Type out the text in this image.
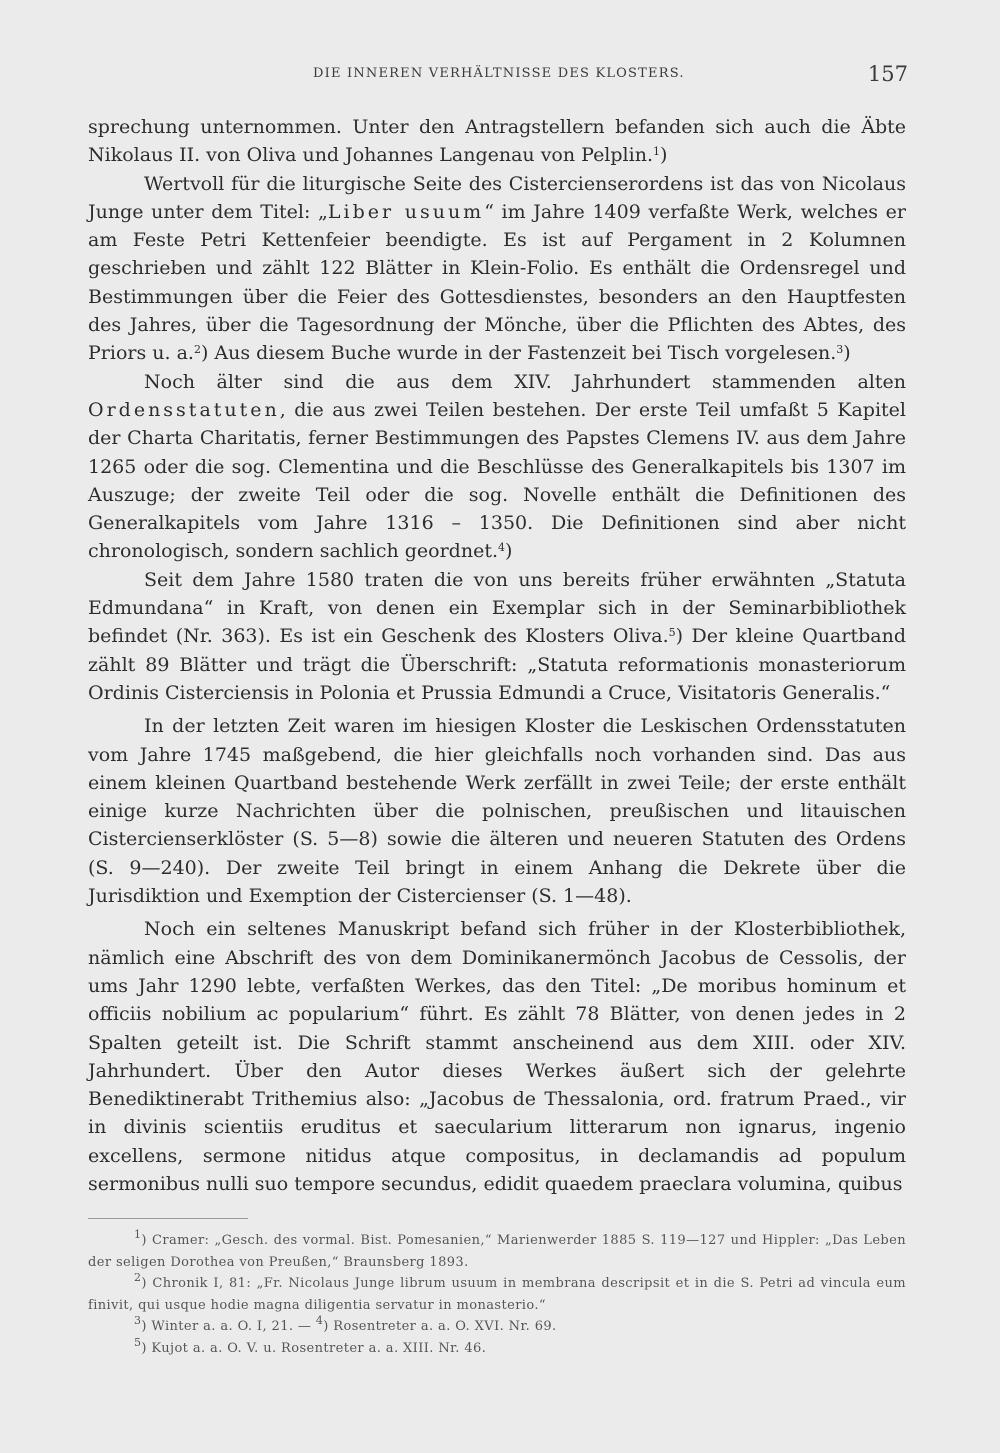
DIE INNEREN VERHÄLTNISSE DES KLOSTERS.	157

sprechung unternommen. Unter den Antragstellern befanden sich auch die Äbte Nikolaus II. von Oliva und Johannes Langenau von Pelplin.$^1$)

Wertvoll für die liturgische Seite des Cistercienserordens ist das von Nicolaus Junge unter dem Titel: „Liber usuum“ im Jahre 1409 verfaßte Werk, welches er am Feste Petri Kettenfeier beendigte. Es ist auf Pergament in 2 Kolumnen geschrieben und zählt 122 Blätter in Klein-Folio. Es enthält die Ordensregel und Bestimmungen über die Feier des Gottesdienstes, besonders an den Hauptfesten des Jahres, über die Tagesordnung der Mönche, über die Pflichten des Abtes, des Priors u. a.$^2$) Aus diesem Buche wurde in der Fastenzeit bei Tisch vorgelesen.$^3$)

Noch älter sind die aus dem XIV. Jahrhundert stammenden alten Ordensstatuten, die aus zwei Teilen bestehen. Der erste Teil umfaßt 5 Kapitel der Charta Charitatis, ferner Bestimmungen des Papstes Clemens IV. aus dem Jahre 1265 oder die sog. Clementina und die Beschlüsse des Generalkapitels bis 1307 im Auszuge; der zweite Teil oder die sog. Novelle enthält die Definitionen des Generalkapitels vom Jahre 1316 – 1350. Die Definitionen sind aber nicht chronologisch, sondern sachlich geordnet.$^4$)

Seit dem Jahre 1580 traten die von uns bereits früher erwähnten „Statuta Edmundana“ in Kraft, von denen ein Exemplar sich in der Seminarbibliothek befindet (Nr. 363). Es ist ein Geschenk des Klosters Oliva.$^5$) Der kleine Quartband zählt 89 Blätter und trägt die Überschrift: „Statuta reformationis monasteriorum Ordinis Cisterciensis in Polonia et Prussia Edmundi a Cruce, Visitatoris Generalis.“

In der letzten Zeit waren im hiesigen Kloster die Leskischen Ordensstatuten vom Jahre 1745 maßgebend, die hier gleichfalls noch vorhanden sind. Das aus einem kleinen Quartband bestehende Werk zerfällt in zwei Teile; der erste enthält einige kurze Nachrichten über die polnischen, preußischen und litauischen Cistercienserklöster (S. 5—8) sowie die älteren und neueren Statuten des Ordens (S. 9—240). Der zweite Teil bringt in einem Anhang die Dekrete über die Jurisdiktion und Exemption der Cistercienser (S. 1—48).

Noch ein seltenes Manuskript befand sich früher in der Klosterbibliothek, nämlich eine Abschrift des von dem Dominikanermönch Jacobus de Cessolis, der ums Jahr 1290 lebte, verfaßten Werkes, das den Titel: „De moribus hominum et officiis nobilium ac popularium“ führt. Es zählt 78 Blätter, von denen jedes in 2 Spalten geteilt ist. Die Schrift stammt anscheinend aus dem XIII. oder XIV. Jahrhundert. Über den Autor dieses Werkes äußert sich der gelehrte Benediktinerabt Trithemius also: „Jacobus de Thessalonia, ord. fratrum Praed., vir in divinis scientiis eruditus et saecularium litterarum non ignarus, ingenio excellens, sermone nitidus atque compositus, in declamandis ad populum sermonibus nulli suo tempore secundus, edidit quaedem praeclara volumina, quibus

$^1$) Cramer: „Gesch. des vormal. Bist. Pomesanien,“ Marienwerder 1885 S. 119—127 und Hippler: „Das Leben der seligen Dorothea von Preußen,“ Braunsberg 1893.

$^2$) Chronik I, 81: „Fr. Nicolaus Junge librum usuum in membrana descripsit et in die S. Petri ad vincula eum finivit, qui usque hodie magna diligentia servatur in monasterio.“

$^3$) Winter a. a. O. I, 21. — $^4$) Rosentreter a. a. O. XVI. Nr. 69.

$^5$) Kujot a. a. O. V. u. Rosentreter a. a. XIII. Nr. 46.
